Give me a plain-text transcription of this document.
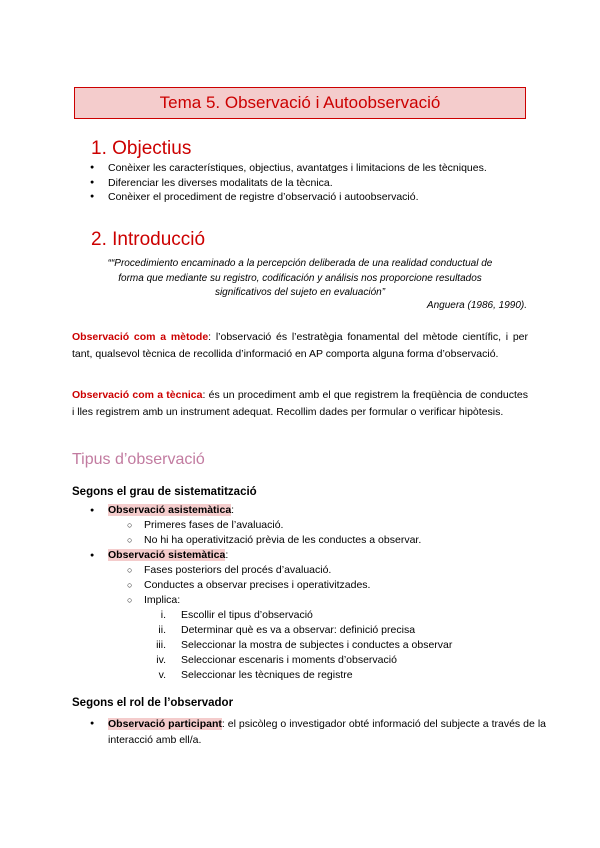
Tema 5. Observació i Autoobservació
1. Objectius
● Conèixer les característiques, objectius, avantatges i limitacions de les tècniques.
● Diferenciar les diverses modalitats de la tècnica.
● Conèixer el procediment de registre d’observació i autoobservació.
2. Introducció
““Procedimiento encaminado a la percepción deliberada de una realidad conductual de
forma que mediante su registro, codificación y análisis nos proporcione resultados
significativos del sujeto en evaluación”
Anguera (1986, 1990).
Observació com a mètode: l’observació és l’estratègia fonamental del mètode científic, i per tant, qualsevol tècnica de recollida d’informació en AP comporta alguna forma d’observació.
Observació com a tècnica: és un procediment amb el que registrem la freqüència de conductes i lles registrem amb un instrument adequat. Recollim dades per formular o verificar hipòtesis.
Tipus d’observació
Segons el grau de sistematització
● Observació asistemàtica:
○ Primeres fases de l’avaluació.
○ No hi ha operativització prèvia de les conductes a observar.
● Observació sistemàtica:
○ Fases posteriors del procés d’avaluació.
○ Conductes a observar precises i operativitzades.
○ Implica:
i. Escollir el tipus d’observació
ii. Determinar què es va a observar: definició precisa
iii. Seleccionar la mostra de subjectes i conductes a observar
iv. Seleccionar escenaris i moments d’observació
v. Seleccionar les tècniques de registre
Segons el rol de l’observador
● Observació participant: el psicòleg o investigador obté informació del subjecte a través de la interacció amb ell/a.
